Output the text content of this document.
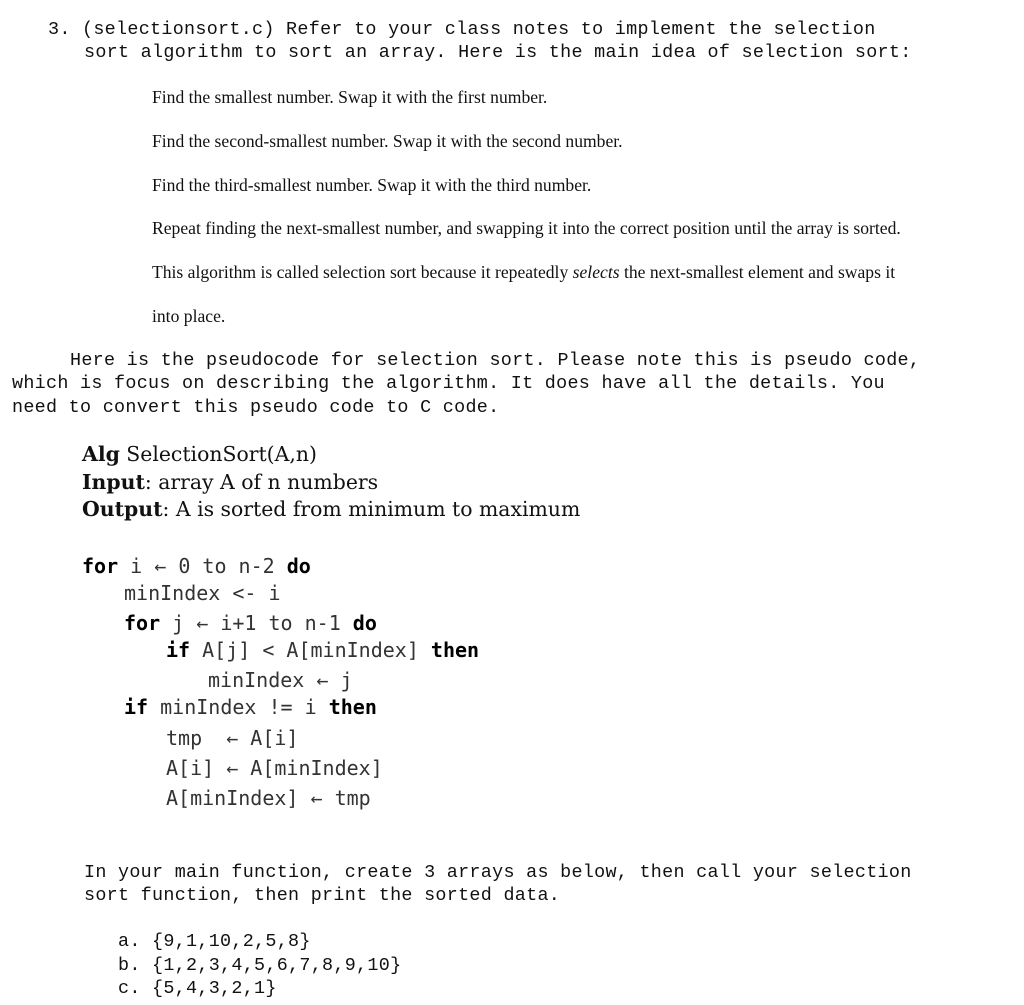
3. (selectionsort.c) Refer to your class notes to implement the selection
sort algorithm to sort an array. Here is the main idea of selection sort:
Find the smallest number. Swap it with the first number.
Find the second-smallest number. Swap it with the second number.
Find the third-smallest number. Swap it with the third number.
Repeat finding the next-smallest number, and swapping it into the correct position until the array is sorted.
This algorithm is called selection sort because it repeatedly selects the next-smallest element and swaps it
into place.
Here is the pseudocode for selection sort. Please note this is pseudo code,
which is focus on describing the algorithm. It does have all the details. You
need to convert this pseudo code to C code.
Alg SelectionSort(A,n)
Input: array A of n numbers
Output: A is sorted from minimum to maximum
for i ← 0 to n-2 do
minIndex <- i
for j ← i+1 to n-1 do
if A[j] < A[minIndex] then
minIndex ← j
if minIndex != i then
tmp  ← A[i]
A[i] ← A[minIndex]
A[minIndex] ← tmp
In your main function, create 3 arrays as below, then call your selection
sort function, then print the sorted data.
a. {9,1,10,2,5,8}
b. {1,2,3,4,5,6,7,8,9,10}
c. {5,4,3,2,1}
